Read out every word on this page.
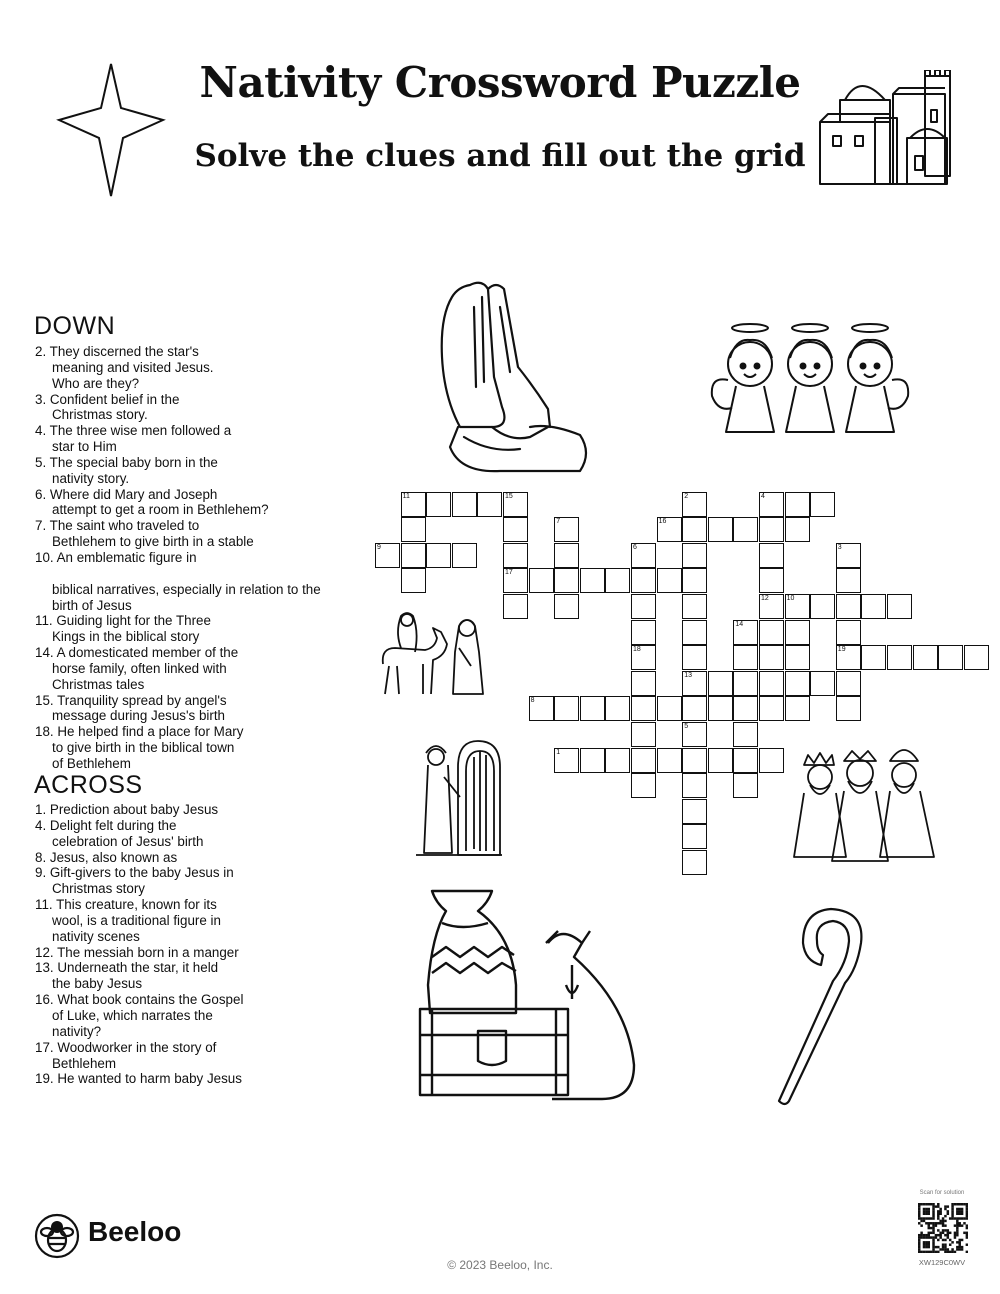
Nativity Crossword Puzzle
Solve the clues and fill out the grid
DOWN
2. They discerned the star's
meaning and visited Jesus.
Who are they?
3. Confident belief in the
Christmas story.
4. The three wise men followed a
star to Him
5. The special baby born in the
nativity story.
6. Where did Mary and Joseph
attempt to get a room in Bethlehem?
7. The saint who traveled to
Bethlehem to give birth in a stable
10. An emblematic figure in

biblical narratives, especially in relation to the birth of Jesus
11. Guiding light for the Three
Kings in the biblical story
14. A domesticated member of the
horse family, often linked with
Christmas tales
15. Tranquility spread by angel's
message during Jesus's birth
18. He helped find a place for Mary
to give birth in the biblical town
of Bethlehem
ACROSS
1. Prediction about baby Jesus
4. Delight felt during the
celebration of Jesus' birth
8. Jesus, also known as
9. Gift-givers to the baby Jesus in
Christmas story
11. This creature, known for its
wool, is a traditional figure in
nativity scenes
12. The messiah born in a manger
13. Underneath the star, it held
the baby Jesus
16. What book contains the Gospel
of Luke, which narrates the
nativity?
17. Woodworker in the story of
Bethlehem
19. He wanted to harm baby Jesus
11	4
16
9
17
12	10
19
13
8
1
15	2
7
6	3
14
18
5
Beeloo
© 2023 Beeloo, Inc.
Scan for solution
XW129C0WV
